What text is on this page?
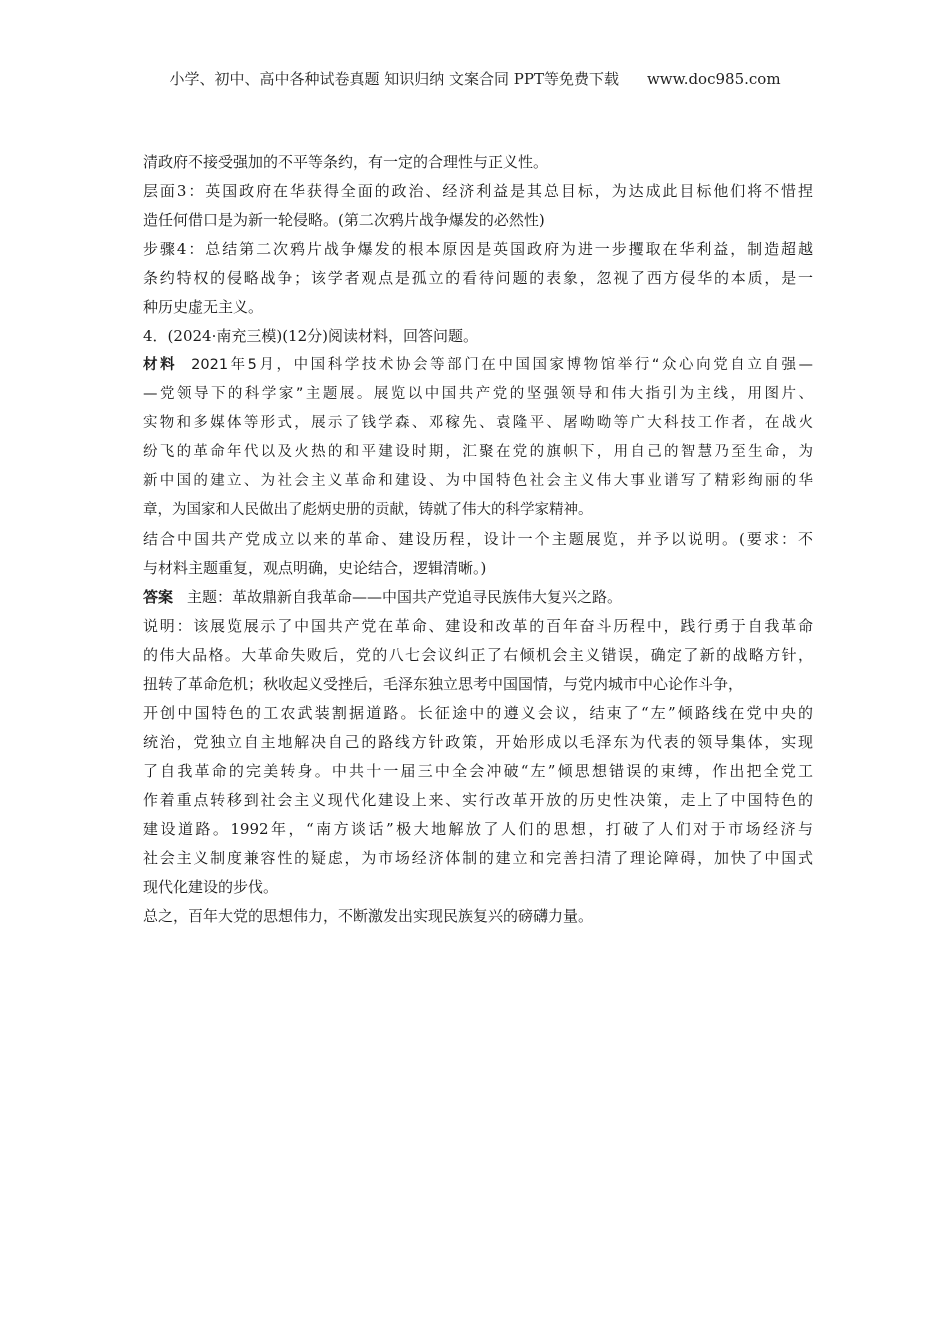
小学、初中、高中各种试卷真题 知识归纳 文案合同 PPT等免费下载 www.doc985.com
清政府不接受强加的不平等条约，有一定的合理性与正义性。
层面3：英国政府在华获得全面的政治、经济利益是其总目标，为达成此目标他们将不惜捏
造任何借口是为新一轮侵略。(第二次鸦片战争爆发的必然性)
步骤4：总结第二次鸦片战争爆发的根本原因是英国政府为进一步攫取在华利益，制造超越
条约特权的侵略战争；该学者观点是孤立的看待问题的表象，忽视了西方侵华的本质，是一
种历史虚无主义。
4．(2024·南充三模)(12分)阅读材料，回答问题。
材料 2021年5月，中国科学技术协会等部门在中国国家博物馆举行“众心向党自立自强—
—党领导下的科学家”主题展。展览以中国共产党的坚强领导和伟大指引为主线，用图片、
实物和多媒体等形式，展示了钱学森、邓稼先、袁隆平、屠呦呦等广大科技工作者，在战火
纷飞的革命年代以及火热的和平建设时期，汇聚在党的旗帜下，用自己的智慧乃至生命，为
新中国的建立、为社会主义革命和建设、为中国特色社会主义伟大事业谱写了精彩绚丽的华
章，为国家和人民做出了彪炳史册的贡献，铸就了伟大的科学家精神。
结合中国共产党成立以来的革命、建设历程，设计一个主题展览，并予以说明。(要求：不
与材料主题重复，观点明确，史论结合，逻辑清晰。)
答案 主题：革故鼎新自我革命——中国共产党追寻民族伟大复兴之路。
说明：该展览展示了中国共产党在革命、建设和改革的百年奋斗历程中，践行勇于自我革命
的伟大品格。大革命失败后，党的八七会议纠正了右倾机会主义错误，确定了新的战略方针，
扭转了革命危机；秋收起义受挫后，毛泽东独立思考中国国情，与党内城市中心论作斗争，
开创中国特色的工农武装割据道路。长征途中的遵义会议，结束了“左”倾路线在党中央的
统治，党独立自主地解决自己的路线方针政策，开始形成以毛泽东为代表的领导集体，实现
了自我革命的完美转身。中共十一届三中全会冲破“左”倾思想错误的束缚，作出把全党工
作着重点转移到社会主义现代化建设上来、实行改革开放的历史性决策，走上了中国特色的
建设道路。1992年，“南方谈话”极大地解放了人们的思想，打破了人们对于市场经济与
社会主义制度兼容性的疑虑，为市场经济体制的建立和完善扫清了理论障碍，加快了中国式
现代化建设的步伐。
总之，百年大党的思想伟力，不断激发出实现民族复兴的磅礴力量。
